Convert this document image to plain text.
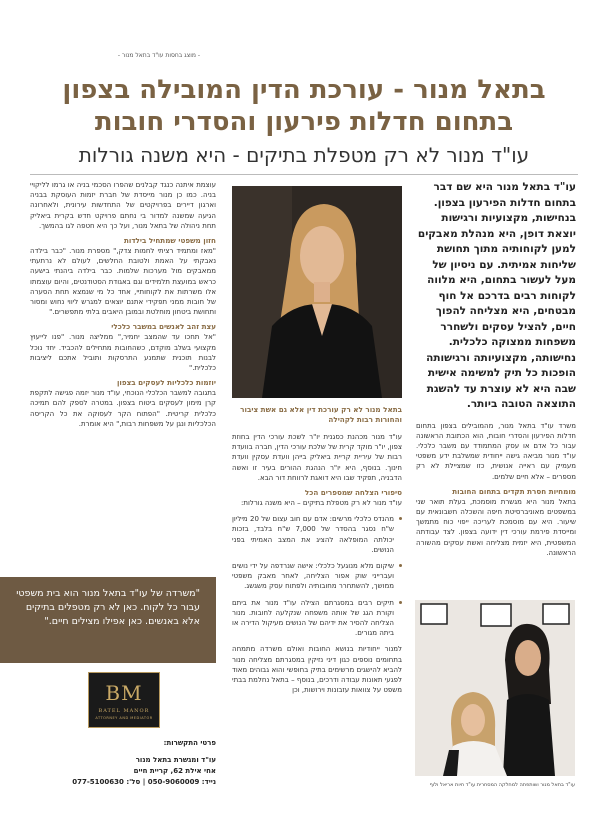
- מוצג בחסות עו"ד בתאל מנור -
בתאל מנור - עורכת הדין המובילה בצפון בתחום חדלות פירעון והסדרי חובות
עו"ד מנור לא רק מטפלת בתיקים - היא משנה גורלות
עו"ד בתאל מנור היא שם דבר בתחום חדלות הפירעון בצפון. בנחישות, מקצועיות ורגישות יוצאת דופן, היא מנהלת מאבקים למען לקוחותיה מתוך תחושת שליחות אמיתית. עם ניסיון של מעל לעשור בתחום, היא מלווה לקוחות רבים בדרכם אל חוף מבטחים, היא מצליחה להפוך חיים, להציל עסקים ולשחרר משפחות ממצוקה כלכלית. נחישותה, מקצועיותה ורגישותה הופכות כל תיק למשימה אישית שבה היא לא עוצרת עד להשגת התוצאה הטובה ביותר.
משרד עו"ד בתאל מנור, מהמובילים בצפון בתחום חדלות הפירעון והסדרי חובות, הוא הכתובת הראשונה עבור כל אדם או עסק המתמודד עם משבר כלכלי. עו"ד מנור מביאה גישה ייחודית שמשלבת ידע משפטי מעמיק עם ראייה אנושית, כזו שמציילת לא רק מספרים – אלא חיים שלמים.
מומחיות חסרת תקדים בתחום החובות
בתאל מנור היא מגשרת מוסמכת, בעלת תואר שני במשפטים מאוניברסיטת חיפה והשכלה חשבונאית עם שיעור. היא עם מוסמכת לעריכה ייפוי כוח מתמשך ומייסדת פירמת עורכי דין ידועה בצפון. לצד עבודתה המשפטית, היא יזמית מצליחה ואשת עסקים מהשורה הראשונה.
בתאל מנור לא רק עורכת דין אלא גם אשת ציבור והחורות רבות לקהילה
עו"ד מנור מכהנת כסגנית יו"ר לשכת עורכי הדין בחוזת צפון, יו"ר מוקד קרית של שלכת עורכי הדין, חברה בוועדת רבות של עיריית קריית ביאליק בייהן וועדת עסקין וועדת חינוך. בנוסף, היא יו"ר הנהגת ההורים בעיר זו ואשה הדבניה, תפקיד שבו היא דואגת לרווחת דור הבא.
סיפורי הצלחה שמספרים הכל
עו"ד מנור לא רק מטפלת בתיקים – היא משנה גורלות:
מהנדס כלכלי מרשים: אדם עם חוב עצום של 20 מיליון ש"ח נסגר בהסדר של 7,000 ש"ח בלבד, בזכות יכולתה המופלאה להציג את המצב האמיתי בפני הנושים.
שיקום מלא מנוגעל כלכלי: אישה שנרדפה על ידי נושים ועברייני שוק אפור הצליחה, לאחר מאבק משפטי ממושך, להשתחרר מחובותיה ולפתוח עסק משגשג.
תיקים רבים במסגרתם הצילה עו"ד מנור את ביתם וקורת הגג של אותה משפחה שנקלעה לחובות. מנור הצליחה להסיר את ידיהם של הנושים מעיקול הדירה או ביתה מגורים.
למנור ייחודיות בנושא החובות ואולם משרדה מתמחה בתחומים נוספים כגון דיני נזיקין במסגרתם מצליחה מנור להביא להישגים מרשימים בתיק בחופשי והוא גבוהים מאוד לפגעי תאונות עבודה ודרכים, בנוסף – בתאל נחלמת בבתי משפט על צוואות עזבונות וירושות, וכן
עוצמת איתנה כנגד קבלנים שהפרו הסכמי בניה או גרמו לליקויי בניה. כמו כן מנור מייסדת של חברת יזמות העוסקת בבניה וארגון דיירים בפרויקטים של התחדשות עירונית, ולאחרונה הגיעה שמשנה למדור בי נחתם פרויקט חדש בקרית ביאליק תחת ניהולה של בתאל מנור, ועל כך היא חטפה לגו בהמשך.
חזון משפטי שמתחיל בילדות
"מאז ומתמיד רציתי לחמות צדק," מספרת מנור. "כבר בילדה נאבקתי על האמת ולטובת החלשים, לעולם לא נרתעתי ממאבקים מול מערכות שלמות. כבר בילדה ביהנתי בישעה כראש במועצת תלמידים וגם באגודת הסטודנטים, והיום עוצמתו אלו משרתות את לקוחותיי, אחד כל מי שנמצא תחת הסערה של חובות ממני תפקידי אתנם יוצאים למגרש ליווי נחוש ומסור ותחושת ביטחון מוחלטת ובמובן היאבים בלתי מתפשרים."
עצת זהב לאנשים במשבר כלכלי
"אל תחכו עד שהמצב יחמיר," ממליצה מנור. "פנו לייעוץ מקצועי בשלב מוקדם, כשהחובות מתחילים להכביד. יחד נוכל לבנות תוכנית שתמנע התרסקות ותוביל אתכם ליציבות כלכלית."
יוזמות כלכליות לעסקים בצפון
בתגובה למשבר הכלכלי הנוכחי, עו"ד מנור יזמה פגישה לתקפת קרן מימון לעסקים ביטוח בצפון. במטרה לספק להם תמיכה כלכלית קריטית. "הפתוח הקר לעסוקה את כל הקריסה הכלכליות ונגן על משפחות רבות," היא אומרת.
"משרדה של עו"ד בתאל מנור הוא בית משפטי עבור כל לקוח. כאן לא רק מטפלים בתיקים אלא באנשים. כאן אפילו מצילים חיים."
BM
BATEL MANOR
ATTORNEY AND MEDIATOR
פרטי התקשרות:
עו"ד ומגשרת בתאל מנור
אחי אילת 62, קריית חיים
נייד: 050-9060009 | סל': 077-5100630	עו"ד בתאל מנור ושותפתה למחלקה המסחרית עו"ד חיות אריאל ולוף
